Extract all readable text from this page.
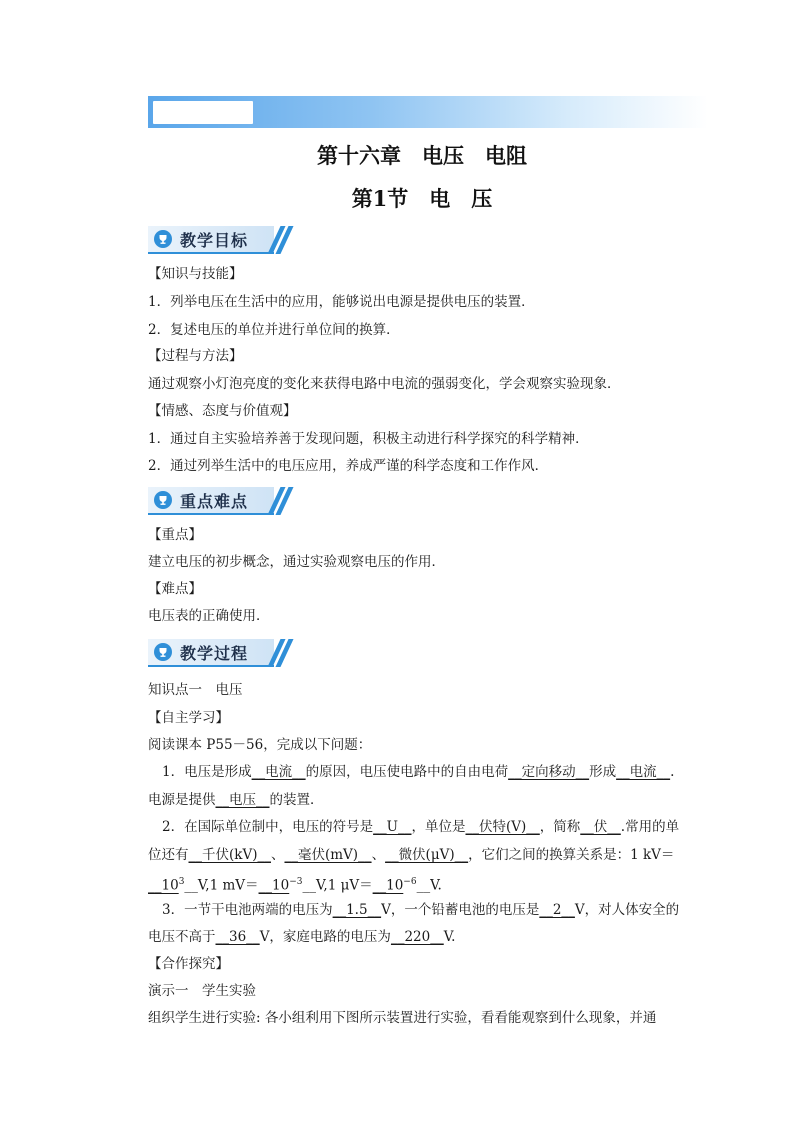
第十六章　电压　电阻
第1节　电　压
教学目标
【知识与技能】
1．列举电压在生活中的应用，能够说出电源是提供电压的装置．
2．复述电压的单位并进行单位间的换算．
【过程与方法】
通过观察小灯泡亮度的变化来获得电路中电流的强弱变化，学会观察实验现象．
【情感、态度与价值观】
1．通过自主实验培养善于发现问题，积极主动进行科学探究的科学精神．
2．通过列举生活中的电压应用，养成严谨的科学态度和工作作风．
重点难点
【重点】
建立电压的初步概念，通过实验观察电压的作用．
【难点】
电压表的正确使用．
教学过程
知识点一　电压
【自主学习】
阅读课本 P55－56，完成以下问题：
1．电压是形成__电流__的原因，电压使电路中的自由电荷__定向移动__形成__电流__.
电源是提供__电压__的装置．
2．在国际单位制中，电压的符号是__U__，单位是__伏特(V)__，简称__伏__.常用的单
位还有__千伏(kV)__、__毫伏(mV)__、__微伏(μV)__，它们之间的换算关系是：1 kV＝
$\_\_10^3\_\_V,1$ $mV=\_\_10^{-3}\_\_V,1$ $\mu V=\_\_10^{-6}\_\_V$.
3．一节干电池两端的电压为__1.5__V，一个铅蓄电池的电压是__2__V，对人体安全的
电压不高于__36__V，家庭电路的电压为__220__V.
【合作探究】
演示一　学生实验
组织学生进行实验: 各小组利用下图所示装置进行实验，看看能观察到什么现象，并通
